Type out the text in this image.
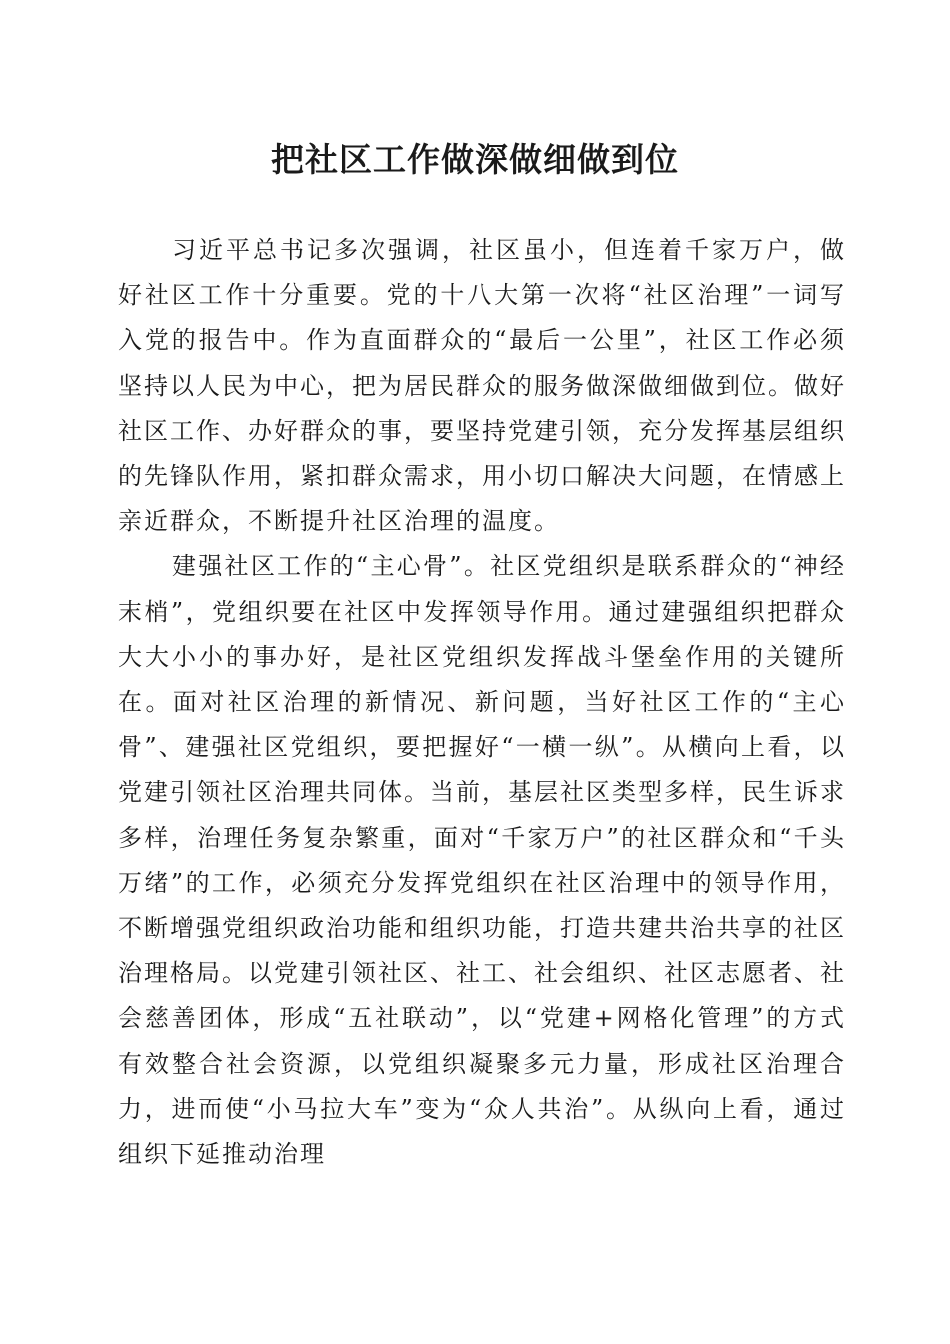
把社区工作做深做细做到位

习近平总书记多次强调，社区虽小，但连着千家万户，做好社区工作十分重要。党的十八大第一次将“社区治理”一词写入党的报告中。作为直面群众的“最后一公里”，社区工作必须坚持以人民为中心，把为居民群众的服务做深做细做到位。做好社区工作、办好群众的事，要坚持党建引领，充分发挥基层组织的先锋队作用，紧扣群众需求，用小切口解决大问题，在情感上亲近群众，不断提升社区治理的温度。

建强社区工作的“主心骨”。社区党组织是联系群众的“神经末梢”，党组织要在社区中发挥领导作用。通过建强组织把群众大大小小的事办好，是社区党组织发挥战斗堡垒作用的关键所在。面对社区治理的新情况、新问题，当好社区工作的“主心骨”、建强社区党组织，要把握好“一横一纵”。从横向上看，以党建引领社区治理共同体。当前，基层社区类型多样，民生诉求多样，治理任务复杂繁重，面对“千家万户”的社区群众和“千头万绪”的工作，必须充分发挥党组织在社区治理中的领导作用，不断增强党组织政治功能和组织功能，打造共建共治共享的社区治理格局。以党建引领社区、社工、社会组织、社区志愿者、社会慈善团体，形成“五社联动”，以“党建+网格化管理”的方式有效整合社会资源，以党组织凝聚多元力量，形成社区治理合力，进而使“小马拉大车”变为“众人共治”。从纵向上看，通过组织下延推动治理
